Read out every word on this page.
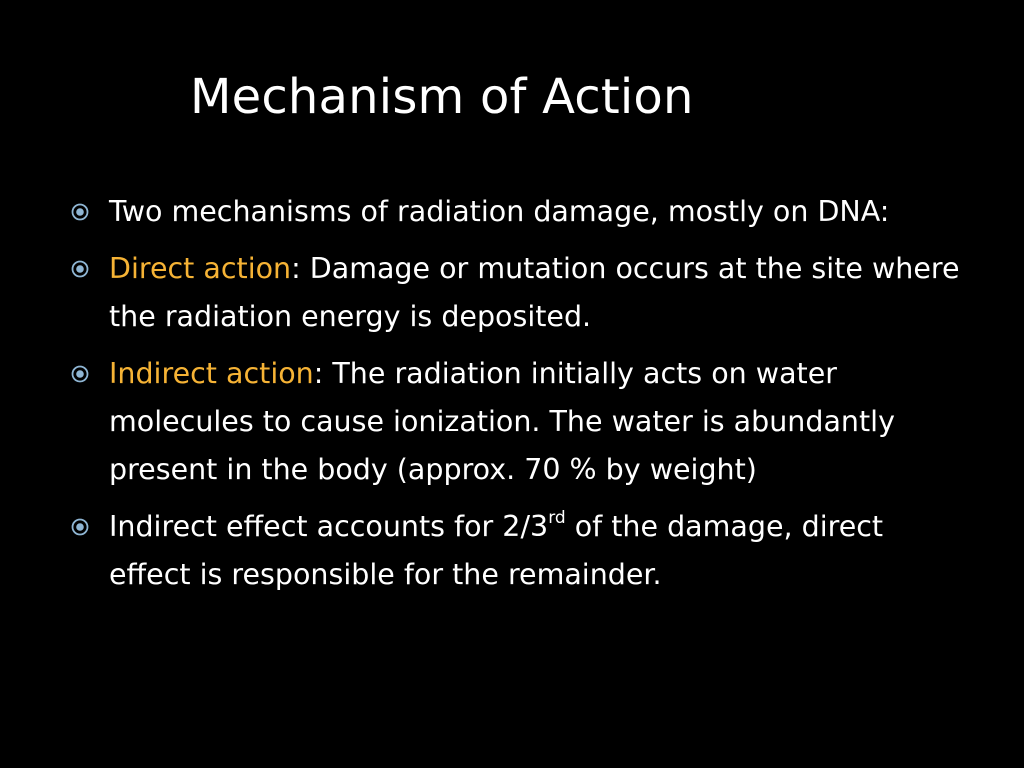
Mechanism of Action
Two mechanisms of radiation damage, mostly on DNA:
Direct action: Damage or mutation occurs at the site where the radiation energy is deposited.
Indirect action: The radiation initially acts on water molecules to cause ionization. The water is abundantly present in the body (approx. 70 % by weight)
Indirect effect accounts for 2/3rd of the damage, direct effect is responsible for the remainder.
